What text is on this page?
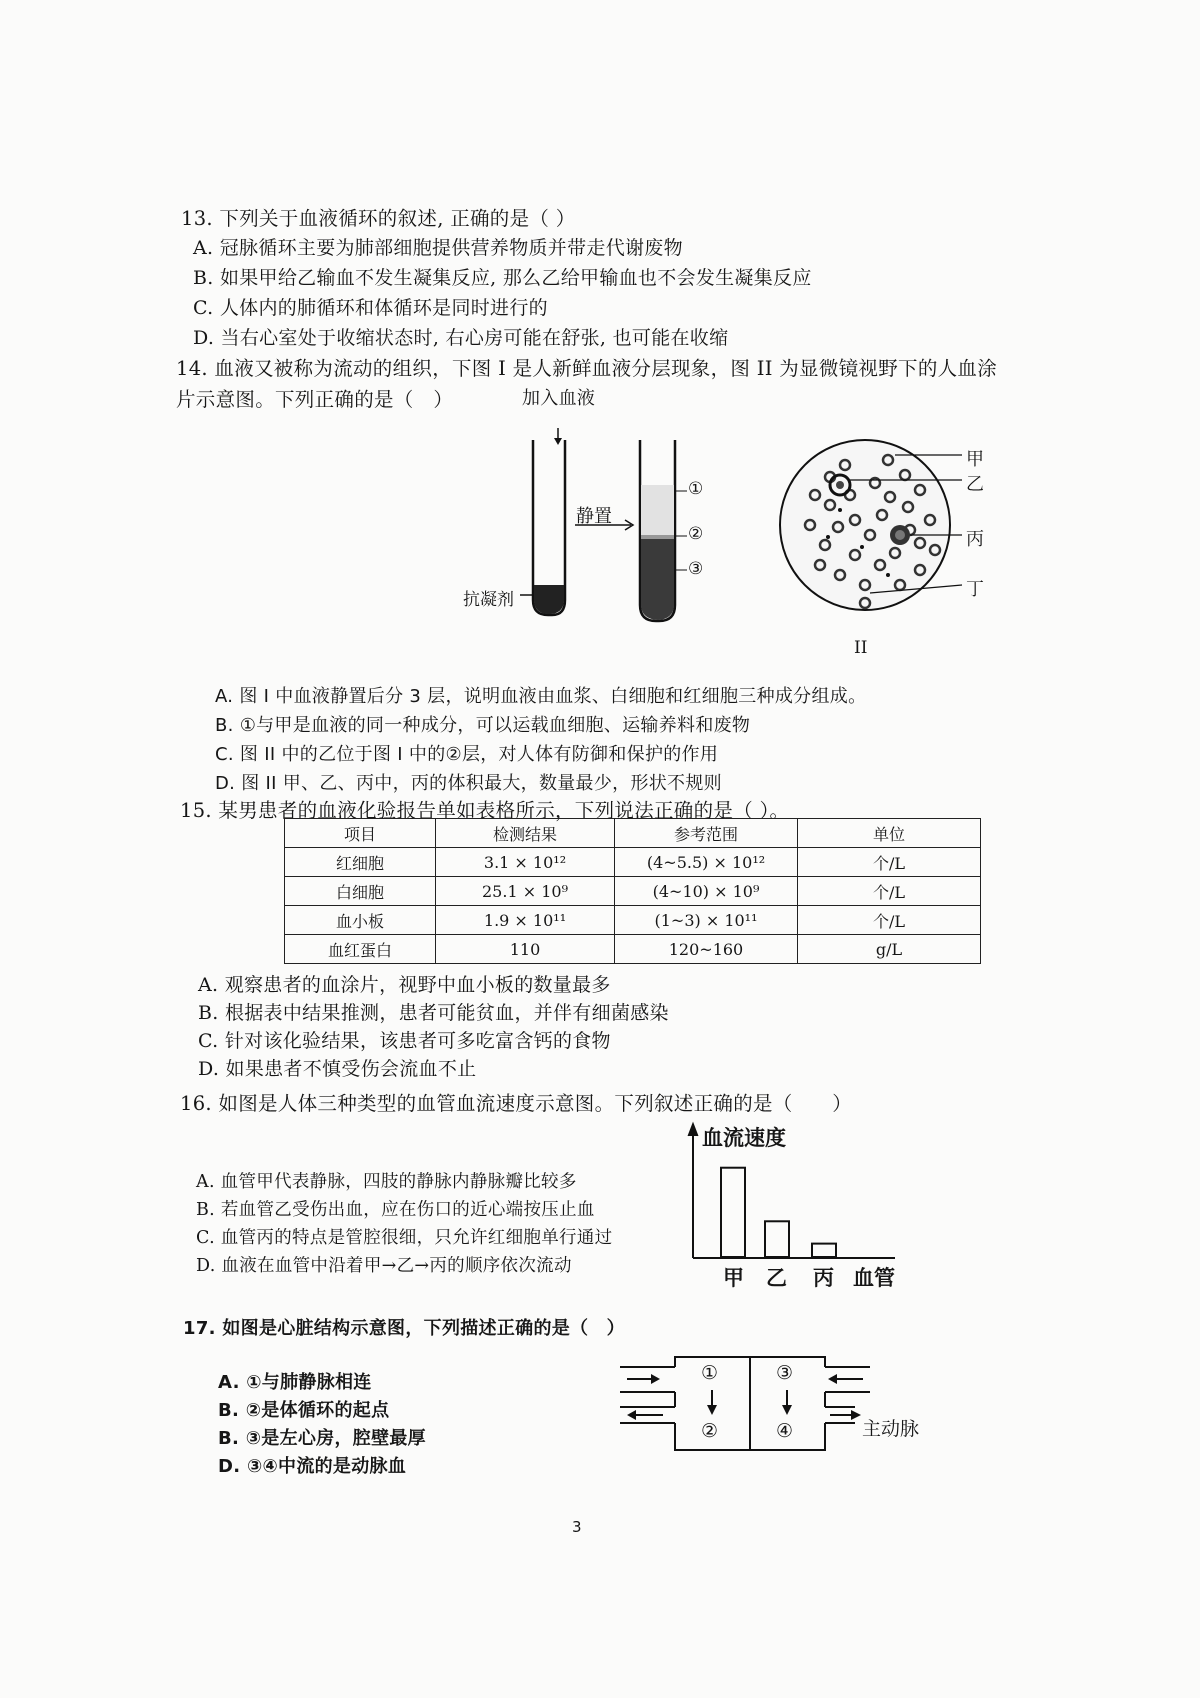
13. 下列关于血液循环的叙述, 正确的是（ ）
A. 冠脉循环主要为肺部细胞提供营养物质并带走代谢废物
B. 如果甲给乙输血不发生凝集反应, 那么乙给甲输血也不会发生凝集反应
C. 人体内的肺循环和体循环是同时进行的
D. 当右心室处于收缩状态时, 右心房可能在舒张, 也可能在收缩
14. 血液又被称为流动的组织，下图 I 是人新鲜血液分层现象，图 II 为显微镜视野下的人血涂
片示意图。下列正确的是（　）	加入血液
静置
抗凝剂
①
②
③
甲
乙
丙
丁
II
A. 图 I 中血液静置后分 3 层，说明血液由血浆、白细胞和红细胞三种成分组成。
B. ①与甲是血液的同一种成分，可以运载血细胞、运输养料和废物
C. 图 II 中的乙位于图 I 中的②层，对人体有防御和保护的作用
D. 图 II 甲、乙、丙中，丙的体积最大，数量最少，形状不规则
15. 某男患者的血液化验报告单如表格所示，下列说法正确的是（ ）。
项目	检测结果	参考范围	单位
红细胞	3.1 × 10¹²	(4~5.5) × 10¹²	个/L
白细胞	25.1 × 10⁹	(4~10) × 10⁹	个/L
血小板	1.9 × 10¹¹	(1~3) × 10¹¹	个/L
血红蛋白	110	120~160	g/L
A. 观察患者的血涂片，视野中血小板的数量最多
B. 根据表中结果推测，患者可能贫血，并伴有细菌感染
C. 针对该化验结果，该患者可多吃富含钙的食物
D. 如果患者不慎受伤会流血不止
16. 如图是人体三种类型的血管血流速度示意图。下列叙述正确的是（　　）
A. 血管甲代表静脉，四肢的静脉内静脉瓣比较多
B. 若血管乙受伤出血，应在伤口的近心端按压止血
C. 血管丙的特点是管腔很细，只允许红细胞单行通过
D. 血液在血管中沿着甲→乙→丙的顺序依次流动
血流速度
甲 乙 丙 血管
17. 如图是心脏结构示意图，下列描述正确的是（　）
A. ①与肺静脉相连
B. ②是体循环的起点
B. ③是左心房，腔壁最厚
D. ③④中流的是动脉血
①
②
③
④	主动脉
3
